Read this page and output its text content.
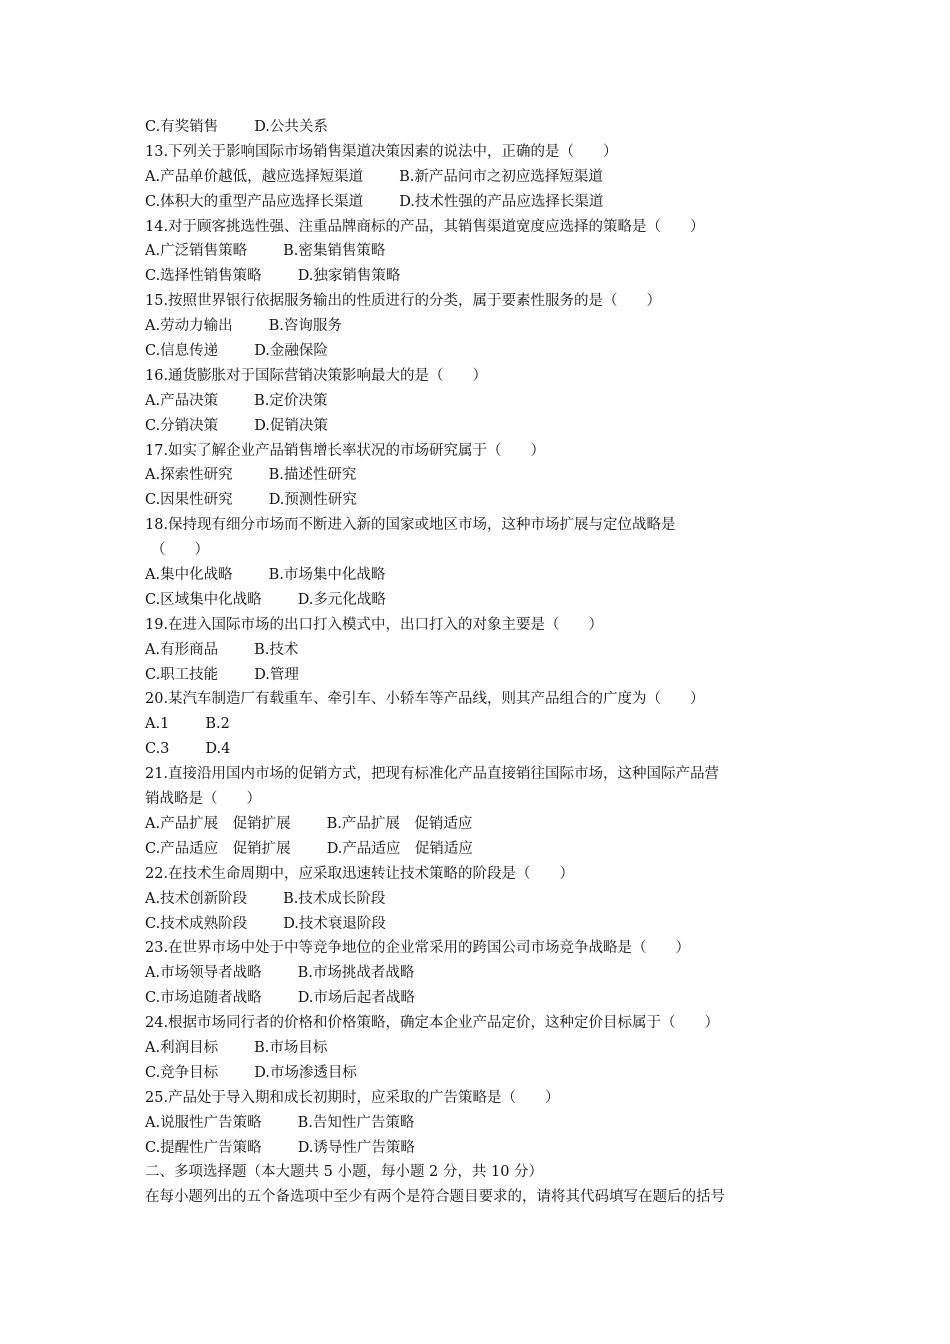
C.有奖销售 D.公共关系
13.下列关于影响国际市场销售渠道决策因素的说法中，正确的是（　　）
A.产品单价越低，越应选择短渠道 B.新产品问市之初应选择短渠道
C.体积大的重型产品应选择长渠道 D.技术性强的产品应选择长渠道
14.对于顾客挑选性强、注重品牌商标的产品，其销售渠道宽度应选择的策略是（　　）
A.广泛销售策略 B.密集销售策略
C.选择性销售策略 D.独家销售策略
15.按照世界银行依据服务输出的性质进行的分类，属于要素性服务的是（　　）
A.劳动力输出 B.咨询服务
C.信息传递 D.金融保险
16.通货膨胀对于国际营销决策影响最大的是（　　）
A.产品决策 B.定价决策
C.分销决策 D.促销决策
17.如实了解企业产品销售增长率状况的市场研究属于（　　）
A.探索性研究 B.描述性研究
C.因果性研究 D.预测性研究
18.保持现有细分市场而不断进入新的国家或地区市场，这种市场扩展与定位战略是
（　　）
A.集中化战略 B.市场集中化战略
C.区域集中化战略 D.多元化战略
19.在进入国际市场的出口打入模式中，出口打入的对象主要是（　　）
A.有形商品 B.技术
C.职工技能 D.管理
20.某汽车制造厂有载重车、牵引车、小轿车等产品线，则其产品组合的广度为（　　）
A.1 B.2
C.3 D.4
21.直接沿用国内市场的促销方式，把现有标准化产品直接销往国际市场，这种国际产品营
销战略是（　　）
A.产品扩展　促销扩展 B.产品扩展　促销适应
C.产品适应　促销扩展 D.产品适应　促销适应
22.在技术生命周期中，应采取迅速转让技术策略的阶段是（　　）
A.技术创新阶段 B.技术成长阶段
C.技术成熟阶段 D.技术衰退阶段
23.在世界市场中处于中等竞争地位的企业常采用的跨国公司市场竞争战略是（　　）
A.市场领导者战略 B.市场挑战者战略
C.市场追随者战略 D.市场后起者战略
24.根据市场同行者的价格和价格策略，确定本企业产品定价，这种定价目标属于（　　）
A.利润目标 B.市场目标
C.竞争目标 D.市场渗透目标
25.产品处于导入期和成长初期时，应采取的广告策略是（　　）
A.说服性广告策略 B.告知性广告策略
C.提醒性广告策略 D.诱导性广告策略
二、多项选择题（本大题共 5 小题，每小题 2 分，共 10 分）
在每小题列出的五个备选项中至少有两个是符合题目要求的，请将其代码填写在题后的括号
